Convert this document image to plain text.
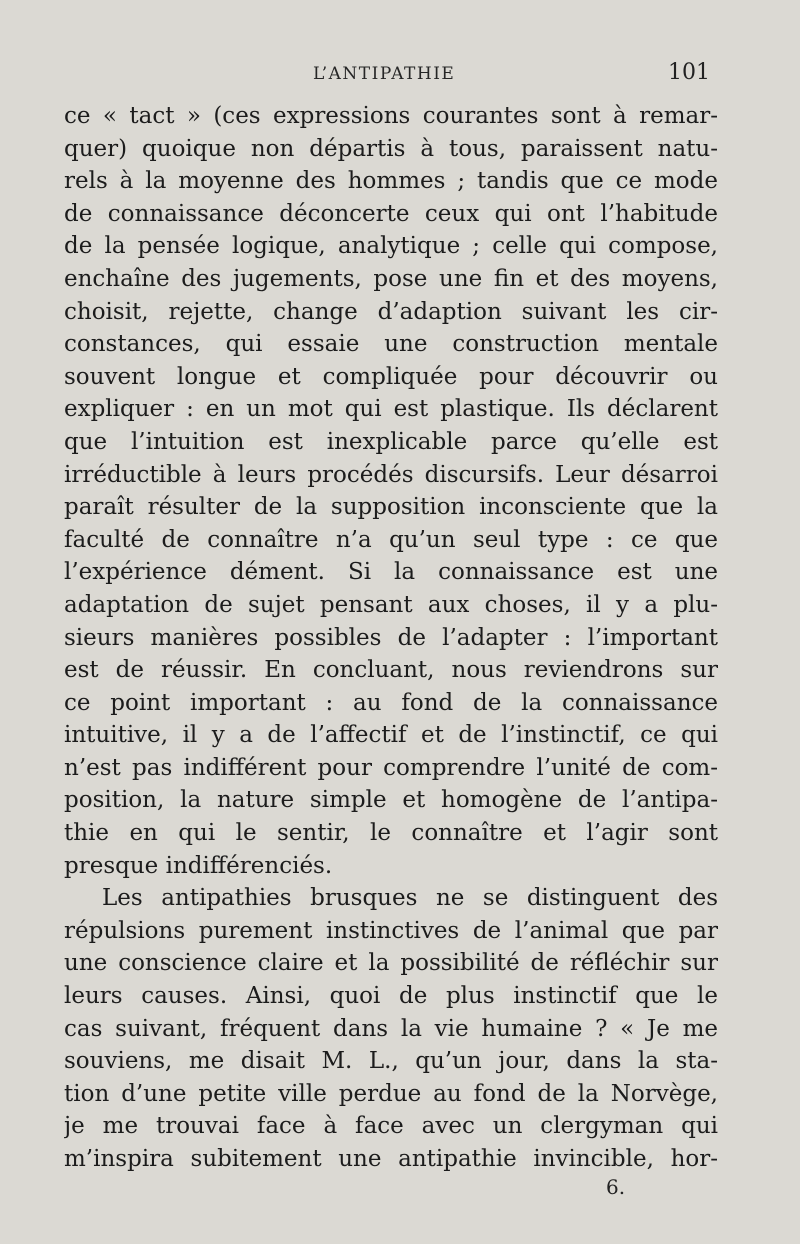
L’ANTIPATHIE	101
ce « tact » (ces expressions courantes sont à remar-
quer) quoique non départis à tous, paraissent natu-
rels à la moyenne des hommes ; tandis que ce mode
de connaissance déconcerte ceux qui ont l’habitude
de la pensée logique, analytique ; celle qui compose,
enchaîne des jugements, pose une fin et des moyens,
choisit, rejette, change d’adaption suivant les cir-
constances, qui essaie une construction mentale
souvent longue et compliquée pour découvrir ou
expliquer : en un mot qui est plastique. Ils déclarent
que l’intuition est inexplicable parce qu’elle est
irréductible à leurs procédés discursifs. Leur désarroi
paraît résulter de la supposition inconsciente que la
faculté de connaître n’a qu’un seul type : ce que
l’expérience dément. Si la connaissance est une
adaptation de sujet pensant aux choses, il y a plu-
sieurs manières possibles de l’adapter : l’important
est de réussir. En concluant, nous reviendrons sur
ce point important : au fond de la connaissance
intuitive, il y a de l’affectif et de l’instinctif, ce qui
n’est pas indifférent pour comprendre l’unité de com-
position, la nature simple et homogène de l’antipa-
thie en qui le sentir, le connaître et l’agir sont
presque indifférenciés.
Les antipathies brusques ne se distinguent des
répulsions purement instinctives de l’animal que par
une conscience claire et la possibilité de réfléchir sur
leurs causes. Ainsi, quoi de plus instinctif que le
cas suivant, fréquent dans la vie humaine ? « Je me
souviens, me disait M. L., qu’un jour, dans la sta-
tion d’une petite ville perdue au fond de la Norvège,
je me trouvai face à face avec un clergyman qui
m’inspira subitement une antipathie invincible, hor-
6.
